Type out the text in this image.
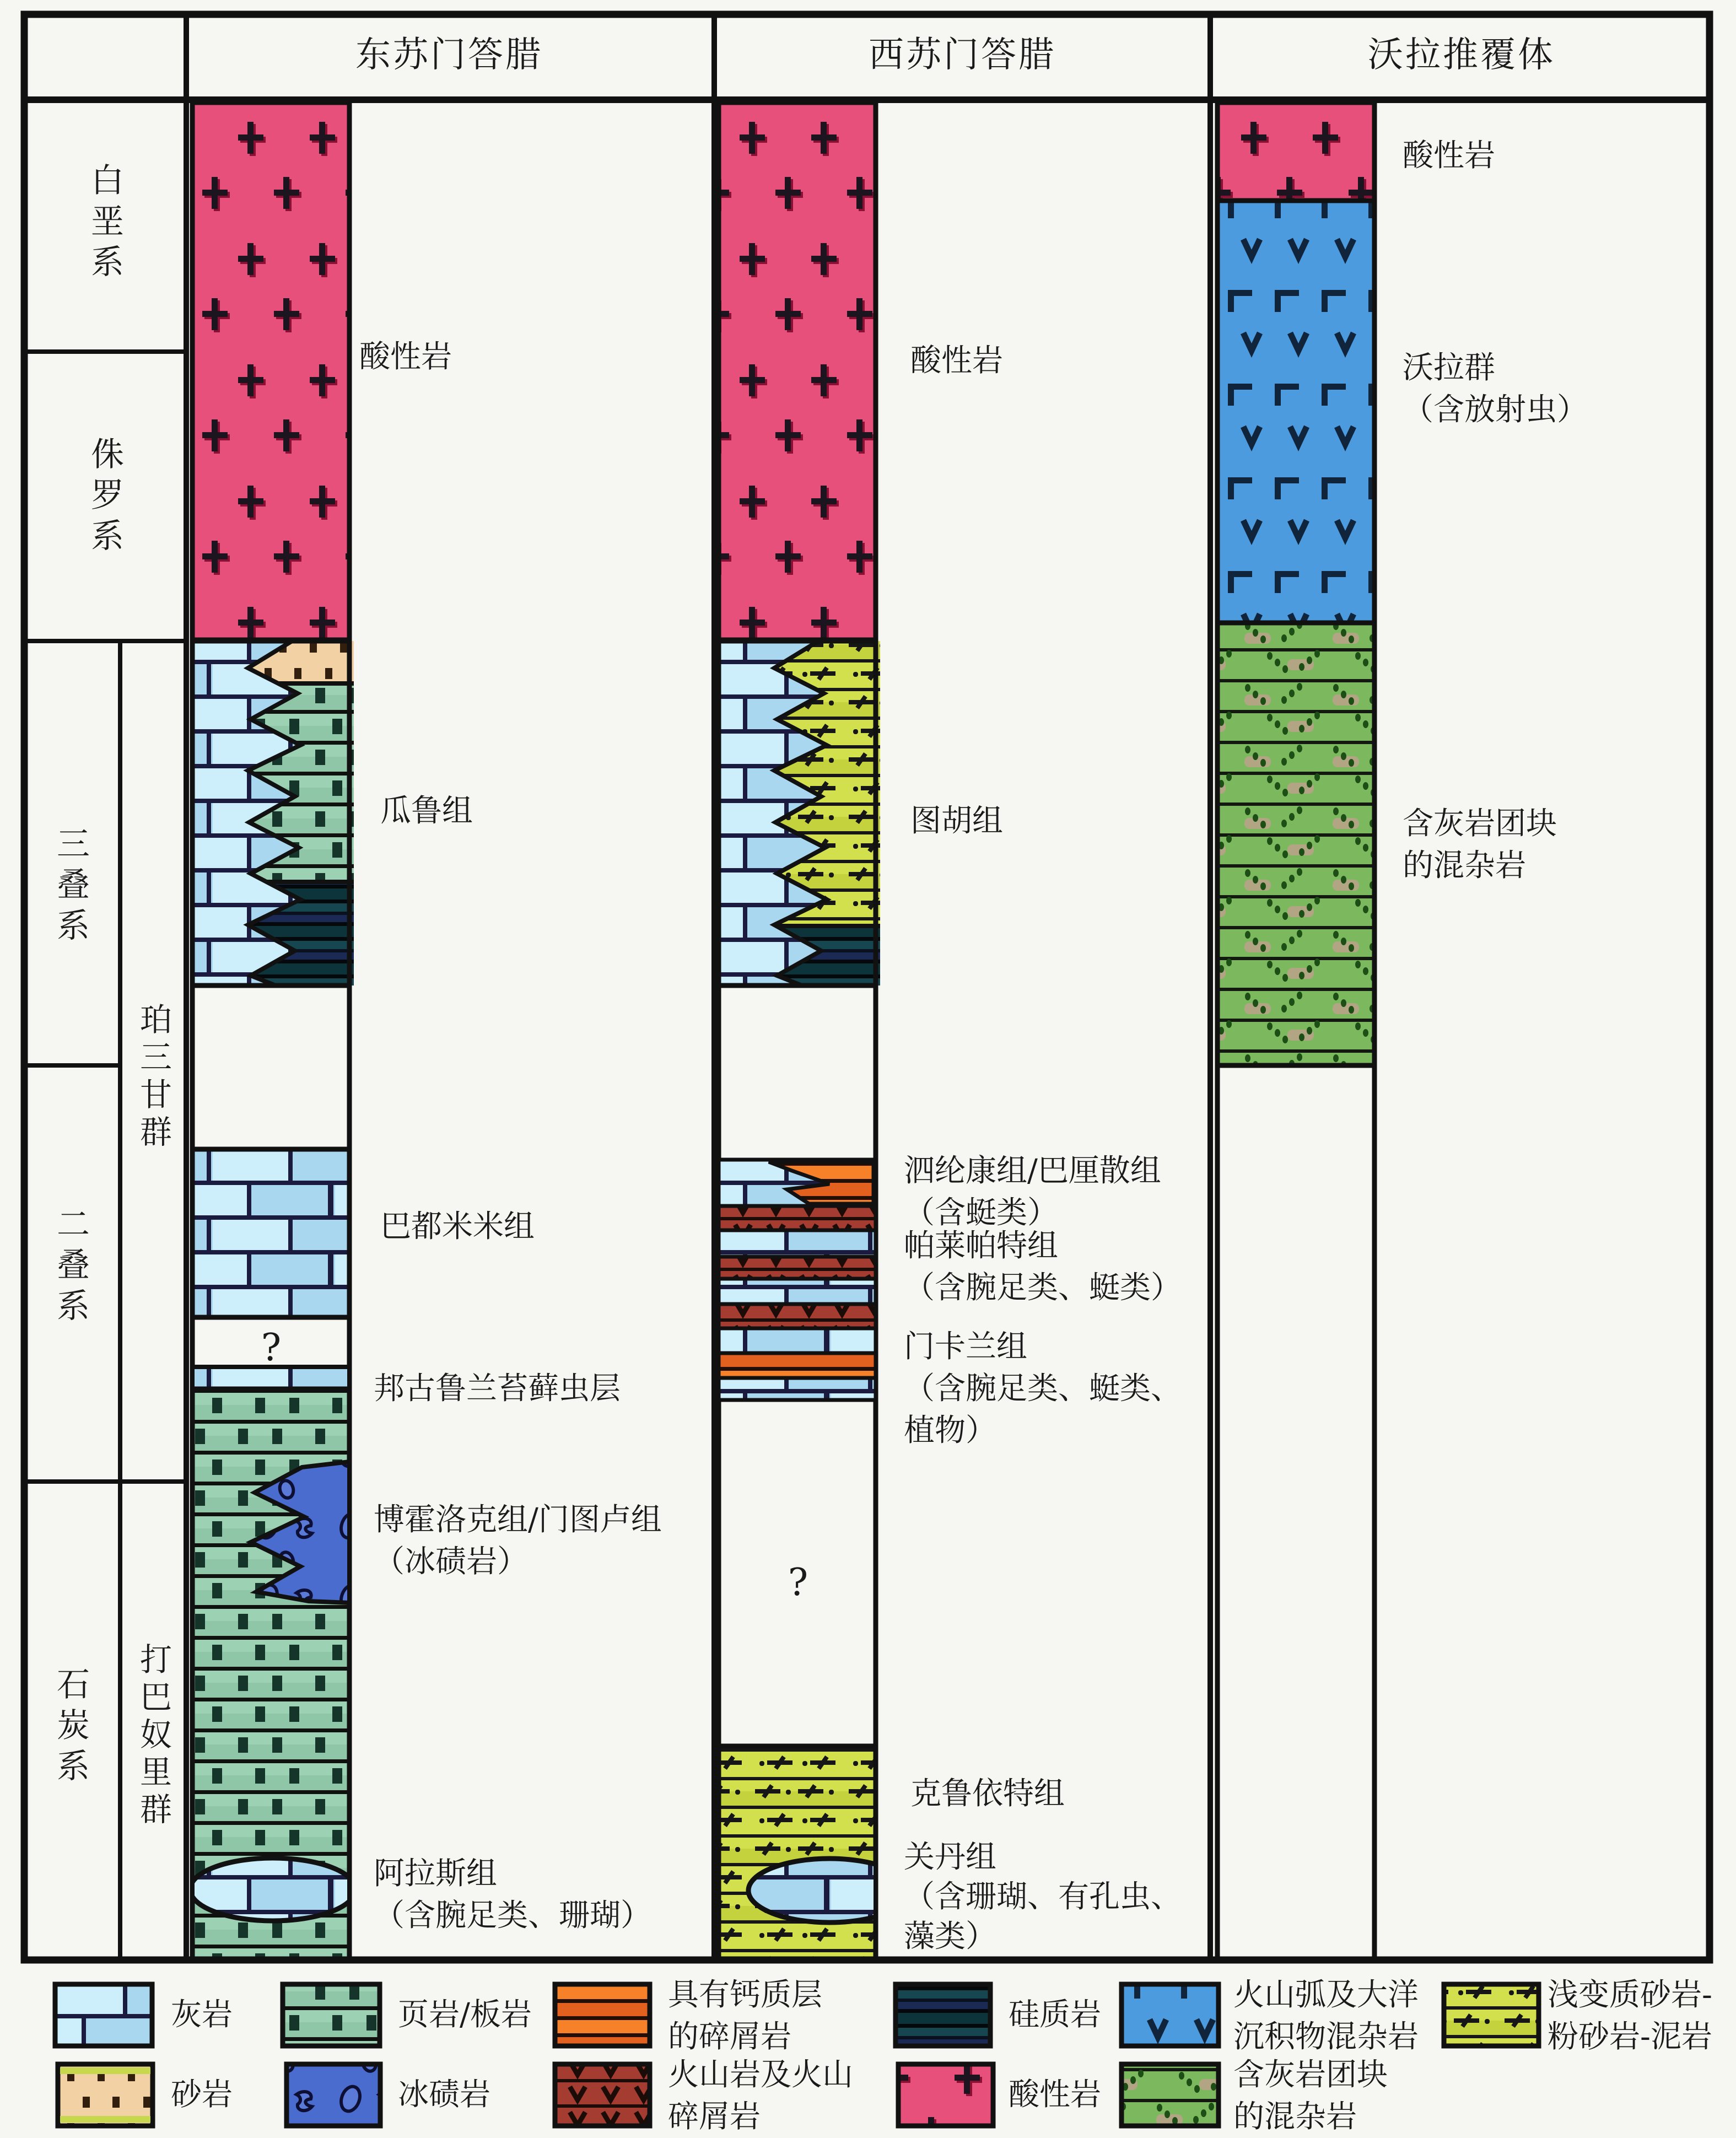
东苏门答腊	西苏门答腊	沃拉推覆体
白垩系
侏罗系
三叠系
二叠系
石炭系
珀三甘群
打巴奴里群
酸性岩
瓜鲁组
巴都米米组
?
邦古鲁兰苔藓虫层
博霍洛克组/门图卢组
（冰碛岩）
阿拉斯组
（含腕足类、珊瑚）
酸性岩
图胡组
泗纶康组/巴厘散组
（含蜓类）
帕莱帕特组
（含腕足类、蜓类）
门卡兰组
（含腕足类、蜓类、
植物）
?
克鲁依特组
关丹组
（含珊瑚、有孔虫、
藻类）
酸性岩
沃拉群
（含放射虫）
含灰岩团块
的混杂岩
灰岩	页岩/板岩
具有钙质层
的碎屑岩
硅质岩
火山弧及大洋
沉积物混杂岩
浅变质砂岩-
粉砂岩-泥岩
砂岩	冰碛岩
火山岩及火山
碎屑岩
酸性岩
含灰岩团块
的混杂岩
